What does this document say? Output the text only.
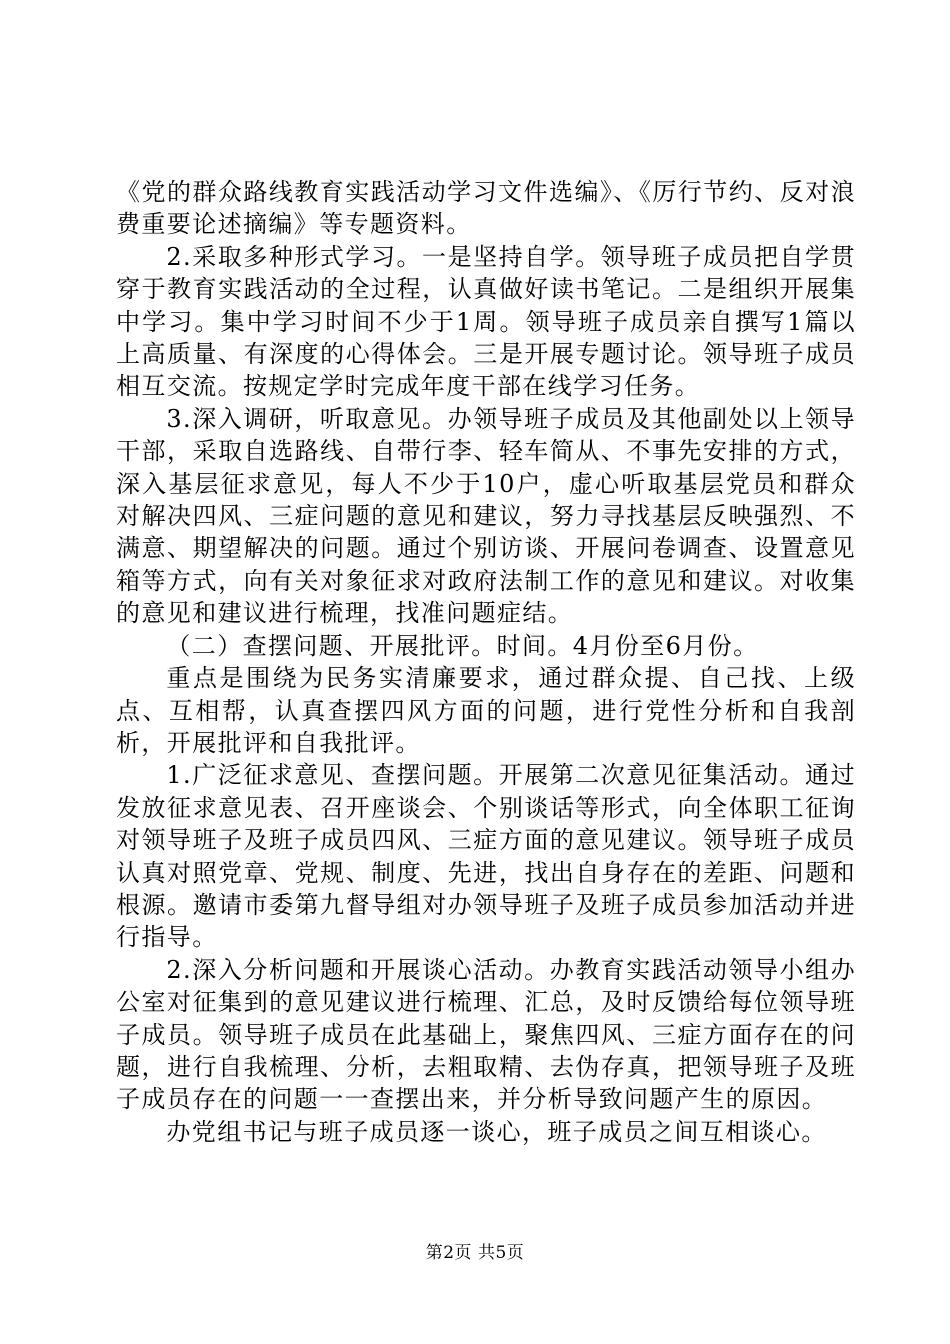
《党的群众路线教育实践活动学习文件选编》、《厉行节约、反对浪费重要论述摘编》等专题资料。

2.采取多种形式学习。一是坚持自学。领导班子成员把自学贯穿于教育实践活动的全过程，认真做好读书笔记。二是组织开展集中学习。集中学习时间不少于1周。领导班子成员亲自撰写1篇以上高质量、有深度的心得体会。三是开展专题讨论。领导班子成员相互交流。按规定学时完成年度干部在线学习任务。

3.深入调研，听取意见。办领导班子成员及其他副处以上领导干部，采取自选路线、自带行李、轻车简从、不事先安排的方式，深入基层征求意见，每人不少于10户，虚心听取基层党员和群众对解决四风、三症问题的意见和建议，努力寻找基层反映强烈、不满意、期望解决的问题。通过个别访谈、开展问卷调查、设置意见箱等方式，向有关对象征求对政府法制工作的意见和建议。对收集的意见和建议进行梳理，找准问题症结。

（二）查摆问题、开展批评。时间。4月份至6月份。

重点是围绕为民务实清廉要求，通过群众提、自己找、上级点、互相帮，认真查摆四风方面的问题，进行党性分析和自我剖析，开展批评和自我批评。

1.广泛征求意见、查摆问题。开展第二次意见征集活动。通过发放征求意见表、召开座谈会、个别谈话等形式，向全体职工征询对领导班子及班子成员四风、三症方面的意见建议。领导班子成员认真对照党章、党规、制度、先进，找出自身存在的差距、问题和根源。邀请市委第九督导组对办领导班子及班子成员参加活动并进行指导。

2.深入分析问题和开展谈心活动。办教育实践活动领导小组办公室对征集到的意见建议进行梳理、汇总，及时反馈给每位领导班子成员。领导班子成员在此基础上，聚焦四风、三症方面存在的问题，进行自我梳理、分析，去粗取精、去伪存真，把领导班子及班子成员存在的问题一一查摆出来，并分析导致问题产生的原因。

办党组书记与班子成员逐一谈心，班子成员之间互相谈心。

第2页 共5页
